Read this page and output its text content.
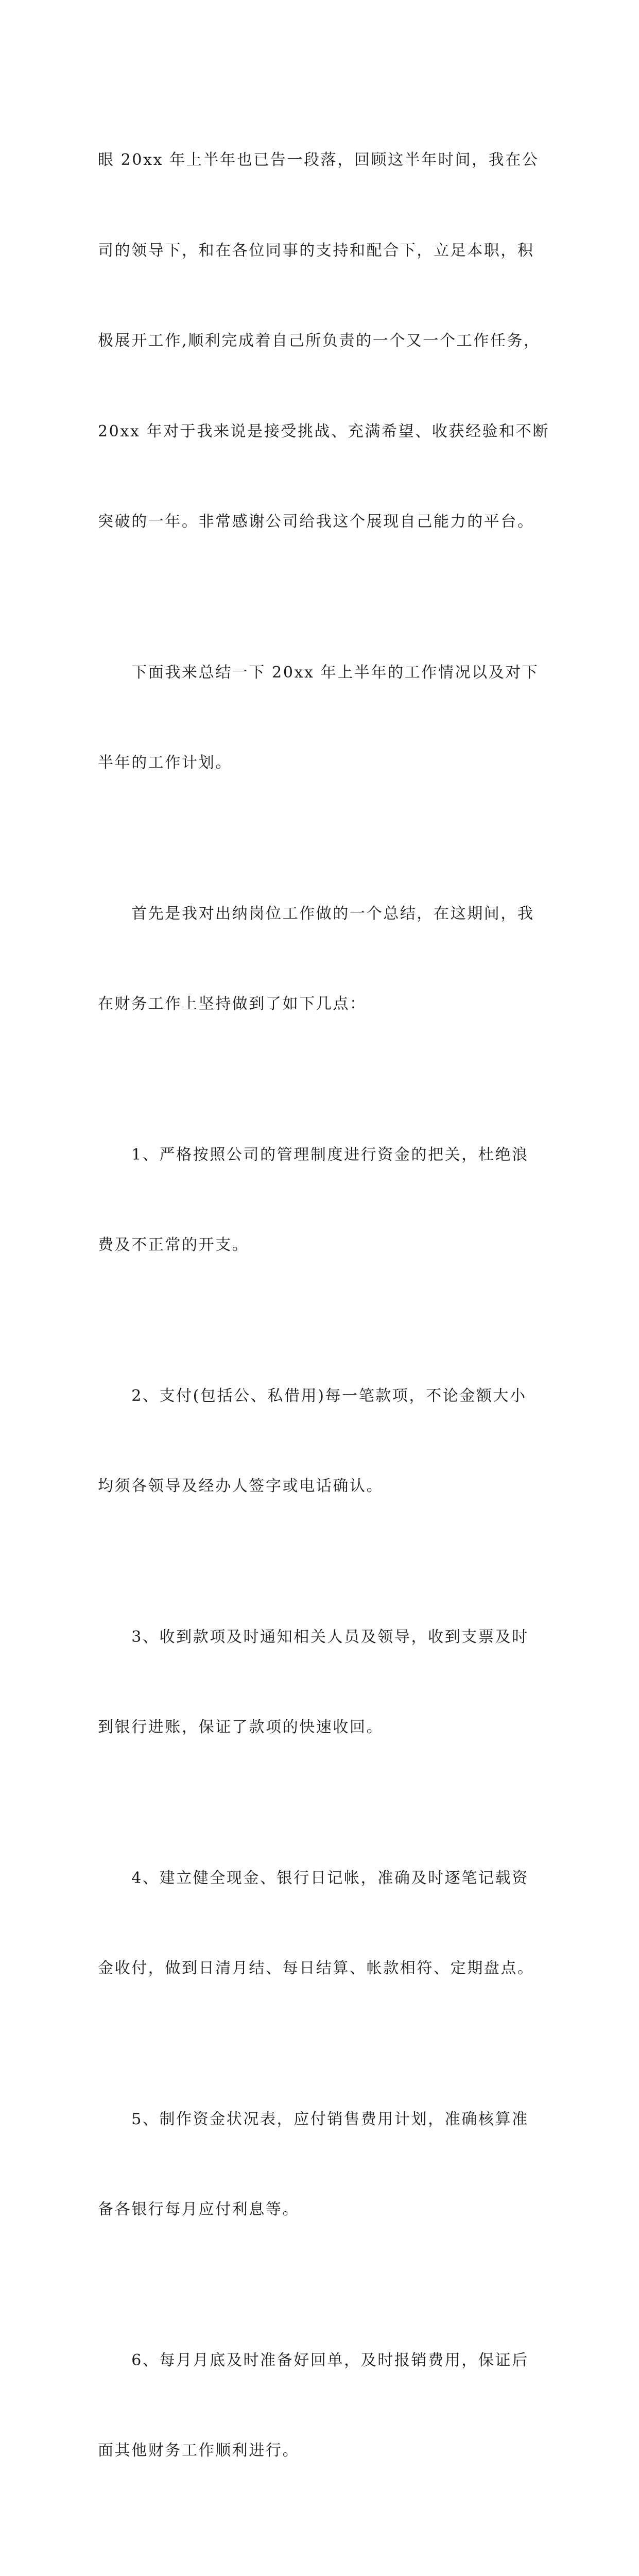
眼 20xx 年上半年也已告一段落，回顾这半年时间，我在公

司的领导下，和在各位同事的支持和配合下，立足本职，积

极展开工作,顺利完成着自己所负责的一个又一个工作任务，

20xx 年对于我来说是接受挑战、充满希望、收获经验和不断

突破的一年。非常感谢公司给我这个展现自己能力的平台。

　　下面我来总结一下 20xx 年上半年的工作情况以及对下

半年的工作计划。

　　首先是我对出纳岗位工作做的一个总结，在这期间，我

在财务工作上坚持做到了如下几点：

　　1、严格按照公司的管理制度进行资金的把关，杜绝浪

费及不正常的开支。

　　2、支付(包括公、私借用)每一笔款项，不论金额大小

均须各领导及经办人签字或电话确认。

　　3、收到款项及时通知相关人员及领导，收到支票及时

到银行进账，保证了款项的快速收回。

　　4、建立健全现金、银行日记帐，准确及时逐笔记载资

金收付，做到日清月结、每日结算、帐款相符、定期盘点。

　　5、制作资金状况表，应付销售费用计划，准确核算准

备各银行每月应付利息等。

　　6、每月月底及时准备好回单，及时报销费用，保证后

面其他财务工作顺利进行。
